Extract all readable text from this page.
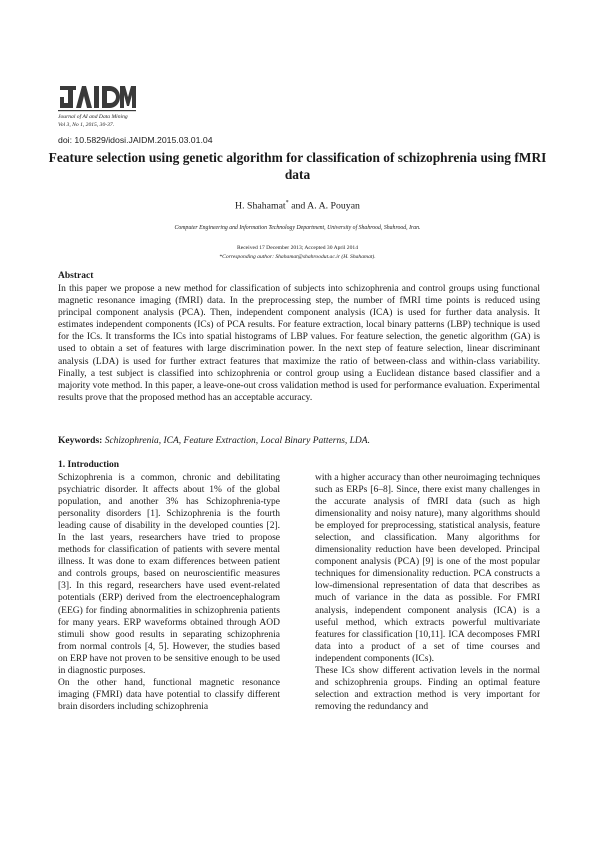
Journal of AI and Data Mining
Vol 3, No 1, 2015, 30-37.
doi: 10.5829/idosi.JAIDM.2015.03.01.04
Feature selection using genetic algorithm for classification of schizophrenia using fMRI data
H. Shahamat* and A. A. Pouyan
Computer Engineering and Information Technology Department, University of Shahrood, Shahrood, Iran.
Received 17 December 2013; Accepted 30 April 2014
*Corresponding author: Shahamat@shahroodut.ac.ir (H. Shahamat).
Abstract
In this paper we propose a new method for classification of subjects into schizophrenia and control groups using functional magnetic resonance imaging (fMRI) data. In the preprocessing step, the number of fMRI time points is reduced using principal component analysis (PCA). Then, independent component analysis (ICA) is used for further data analysis. It estimates independent components (ICs) of PCA results. For feature extraction, local binary patterns (LBP) technique is used for the ICs. It transforms the ICs into spatial histograms of LBP values. For feature selection, the genetic algorithm (GA) is used to obtain a set of features with large discrimination power. In the next step of feature selection, linear discriminant analysis (LDA) is used for further extract features that maximize the ratio of between-class and within-class variability. Finally, a test subject is classified into schizophrenia or control group using a Euclidean distance based classifier and a majority vote method. In this paper, a leave-one-out cross validation method is used for performance evaluation. Experimental results prove that the proposed method has an acceptable accuracy.
Keywords: Schizophrenia, ICA, Feature Extraction, Local Binary Patterns, LDA.
1. Introduction

Schizophrenia is a common, chronic and debilitating psychiatric disorder. It affects about 1% of the global population, and another 3% has Schizophrenia-type personality disorders [1]. Schizophrenia is the fourth leading cause of disability in the developed counties [2]. In the last years, researchers have tried to propose methods for classification of patients with severe mental illness. It was done to exam differences between patient and controls groups, based on neuroscientific measures [3]. In this regard, researchers have used event-related potentials (ERP) derived from the electroencephalogram (EEG) for finding abnormalities in schizophrenia patients for many years. ERP waveforms obtained through AOD stimuli show good results in separating schizophrenia from normal controls [4, 5]. However, the studies based on ERP have not proven to be sensitive enough to be used in diagnostic purposes.

On the other hand, functional magnetic resonance imaging (FMRI) data have potential to classify different brain disorders including schizophrenia

with a higher accuracy than other neuroimaging techniques such as ERPs [6–8]. Since, there exist many challenges in the accurate analysis of fMRI data (such as high dimensionality and noisy nature), many algorithms should be employed for preprocessing, statistical analysis, feature selection, and classification. Many algorithms for dimensionality reduction have been developed. Principal component analysis (PCA) [9] is one of the most popular techniques for dimensionality reduction. PCA constructs a low-dimensional representation of data that describes as much of variance in the data as possible. For FMRI analysis, independent component analysis (ICA) is a useful method, which extracts powerful multivariate features for classification [10,11]. ICA decomposes FMRI data into a product of a set of time courses and independent components (ICs).

These ICs show different activation levels in the normal and schizophrenia groups. Finding an optimal feature selection and extraction method is very important for removing the redundancy and
